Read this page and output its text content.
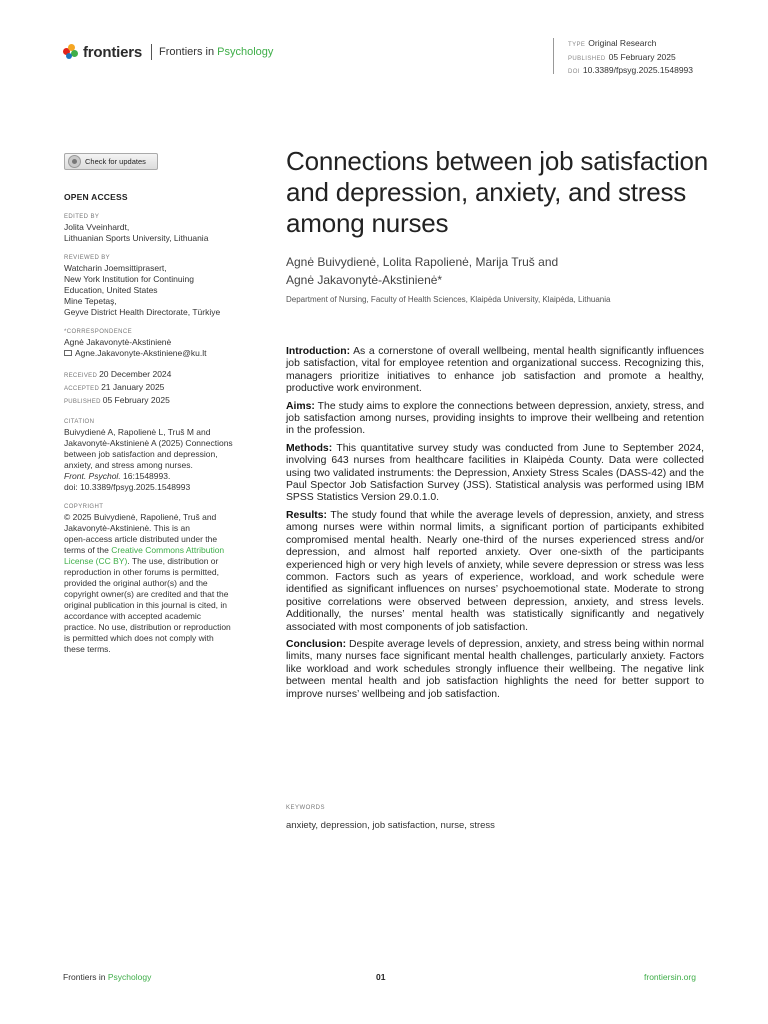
frontiers Frontiers in Psychology
TYPE Original Research
PUBLISHED 05 February 2025
DOI 10.3389/fpsyg.2025.1548993
Check for updates
OPEN ACCESS
EDITED BY
Jolita Vveinhardt,
Lithuanian Sports University, Lithuania
REVIEWED BY
Watcharin Joemsittiprasert,
New York Institution for Continuing
Education, United States
Mine Tepetaş,
Geyve District Health Directorate, Türkiye
*CORRESPONDENCE
Agnė Jakavonytė-Akstinienė
Agne.Jakavonyte-Akstiniene@ku.lt
RECEIVED 20 December 2024
ACCEPTED 21 January 2025
PUBLISHED 05 February 2025
CITATION
Buivydienė A, Rapolienė L, Truš M and
Jakavonytė-Akstinienė A (2025) Connections
between job satisfaction and depression,
anxiety, and stress among nurses.
Front. Psychol. 16:1548993.
doi: 10.3389/fpsyg.2025.1548993
COPYRIGHT
© 2025 Buivydienė, Rapolienė, Truš and
Jakavonytė-Akstinienė. This is an
open-access article distributed under the
terms of the Creative Commons Attribution
License (CC BY). The use, distribution or
reproduction in other forums is permitted,
provided the original author(s) and the
copyright owner(s) are credited and that the
original publication in this journal is cited, in
accordance with accepted academic
practice. No use, distribution or reproduction
is permitted which does not comply with
these terms.
Connections between job satisfaction and depression, anxiety, and stress among nurses
Agnė Buivydienė, Lolita Rapolienė, Marija Truš and
Agnė Jakavonytė-Akstinienė*
Department of Nursing, Faculty of Health Sciences, Klaipėda University, Klaipėda, Lithuania

Introduction: As a cornerstone of overall wellbeing, mental health significantly influences job satisfaction, vital for employee retention and organizational success. Recognizing this, managers prioritize initiatives to enhance job satisfaction and promote a healthy, productive work environment.

Aims: The study aims to explore the connections between depression, anxiety, stress, and job satisfaction among nurses, providing insights to improve their wellbeing and retention in the profession.

Methods: This quantitative survey study was conducted from June to September 2024, involving 643 nurses from healthcare facilities in Klaipėda County. Data were collected using two validated instruments: the Depression, Anxiety Stress Scales (DASS-42) and the Paul Spector Job Satisfaction Survey (JSS). Statistical analysis was performed using IBM SPSS Statistics Version 29.0.1.0.

Results: The study found that while the average levels of depression, anxiety, and stress among nurses were within normal limits, a significant portion of participants exhibited compromised mental health. Nearly one-third of the nurses experienced stress and/or depression, and almost half reported anxiety. Over one-sixth of the participants experienced high or very high levels of anxiety, while severe depression or stress was less common. Factors such as years of experience, workload, and work schedule were identified as significant influences on nurses’ psychoemotional state. Moderate to strong positive correlations were observed between depression, anxiety, and stress levels. Additionally, the nurses’ mental health was statistically significantly and negatively associated with most components of job satisfaction.

Conclusion: Despite average levels of depression, anxiety, and stress being within normal limits, many nurses face significant mental health challenges, particularly anxiety. Factors like workload and work schedules strongly influence their wellbeing. The negative link between mental health and job satisfaction highlights the need for better support to improve nurses’ wellbeing and job satisfaction.

KEYWORDS
anxiety, depression, job satisfaction, nurse, stress
Frontiers in Psychology	01	frontiersin.org
